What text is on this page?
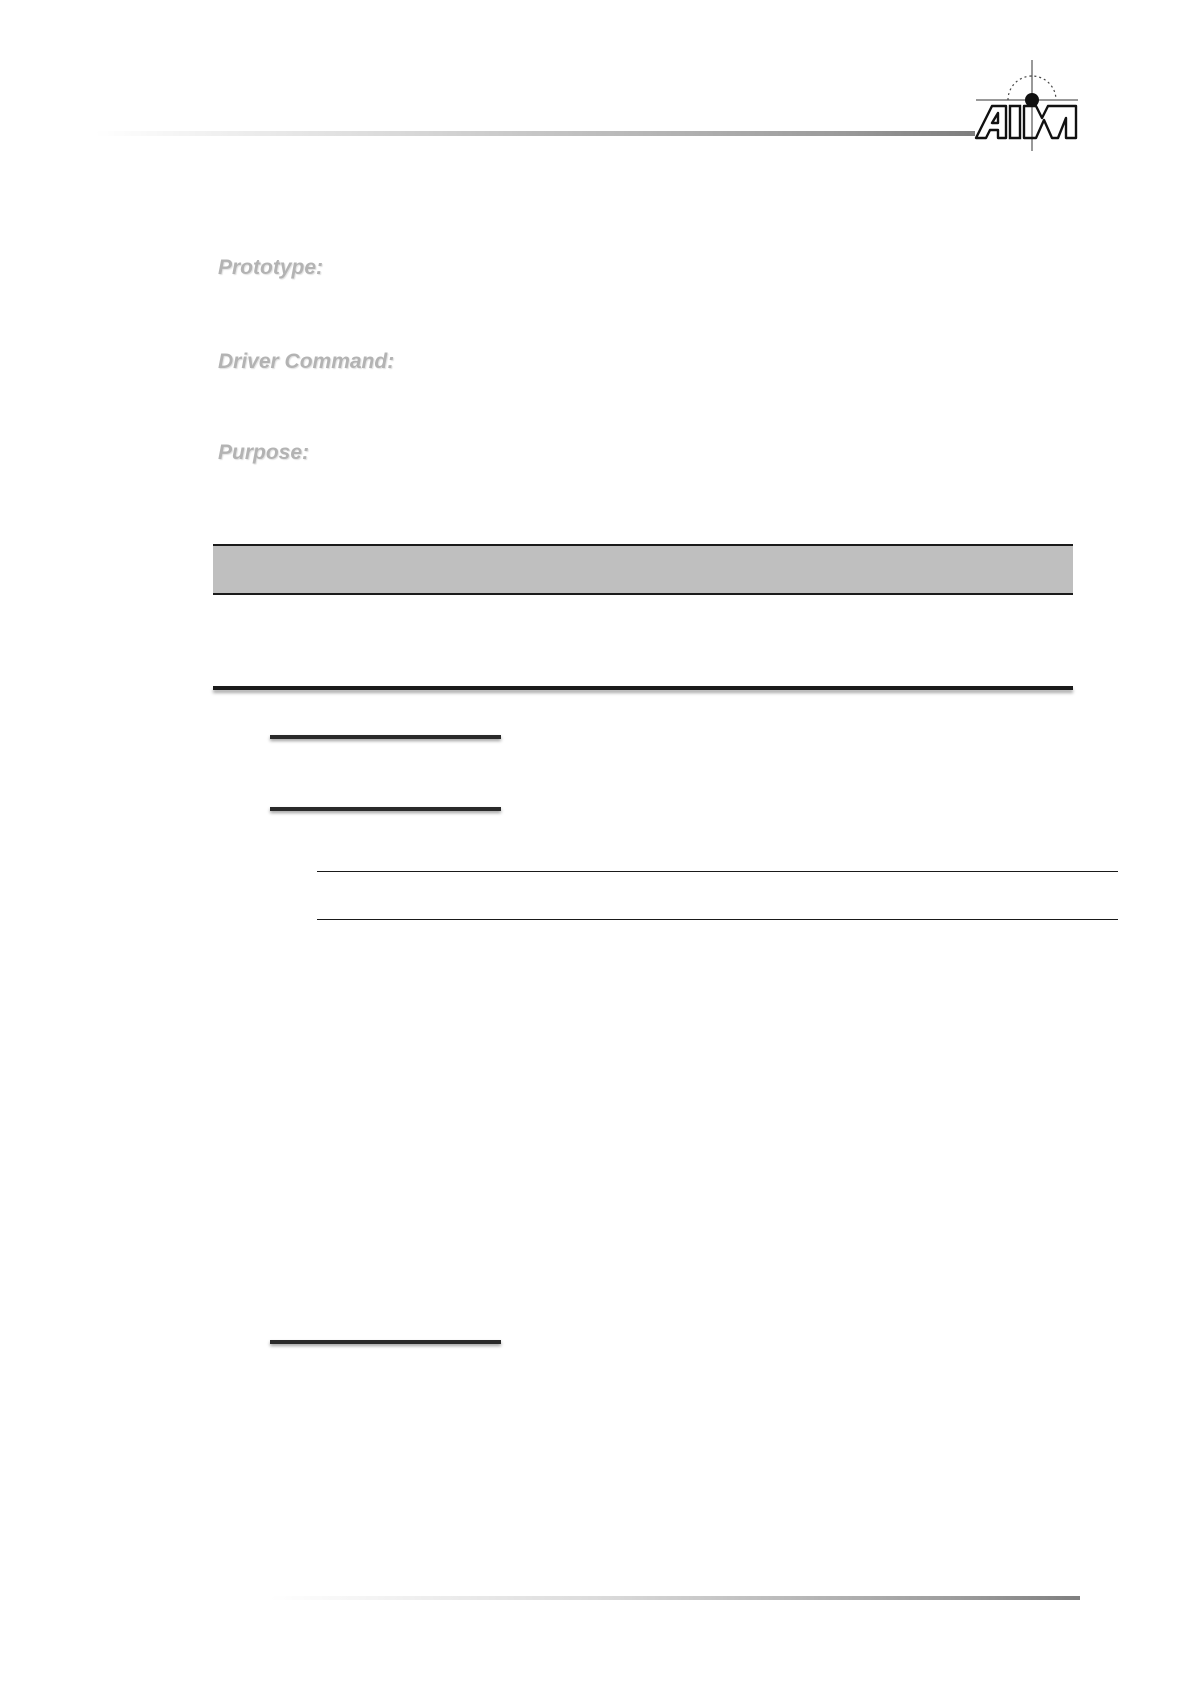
Prototype:
Driver Command:
Purpose:
